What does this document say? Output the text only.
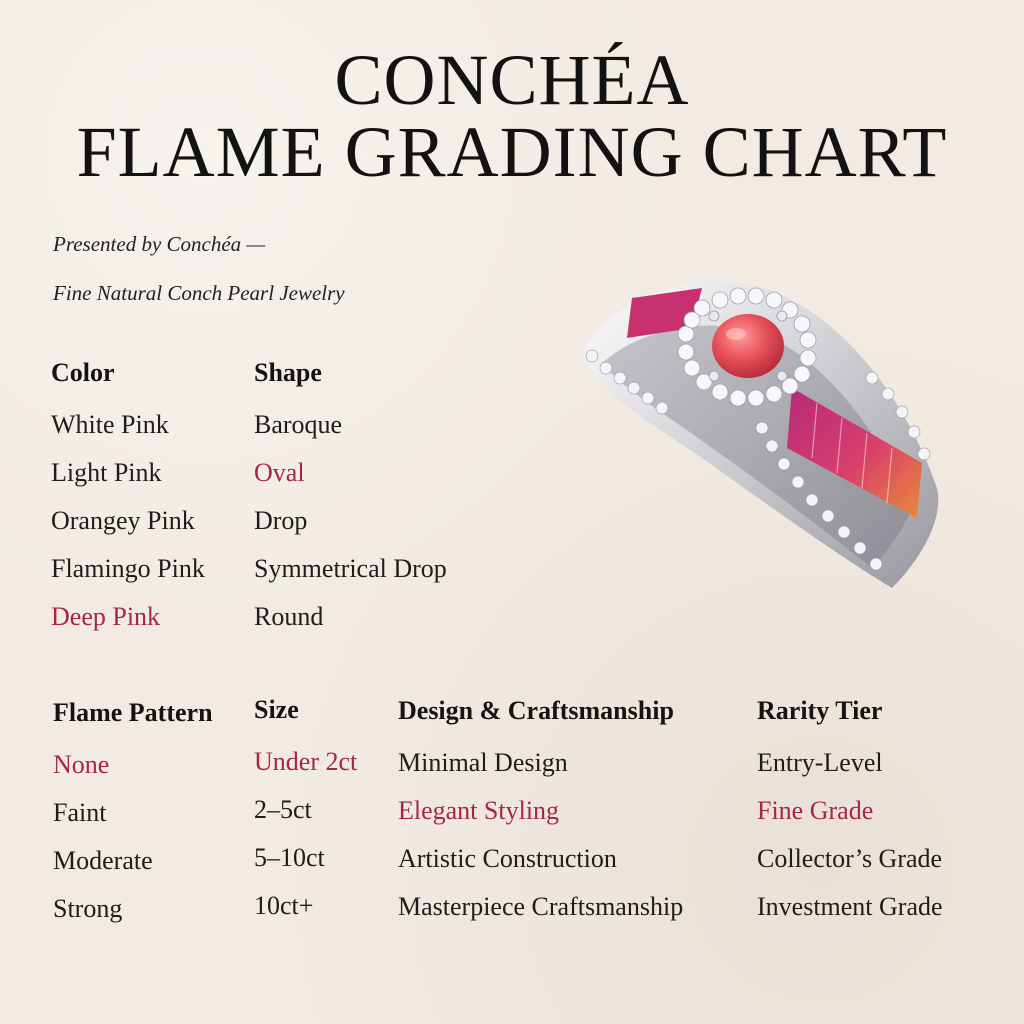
CONCHÉA
FLAME GRADING CHART
Presented by Conchéa —
Fine Natural Conch Pearl Jewelry
Color
White Pink
Light Pink
Orangey Pink
Flamingo Pink
Deep Pink
Shape
Baroque
Oval
Drop
Symmetrical Drop
Round
Flame Pattern
None
Faint
Moderate
Strong
Size
Under 2ct
2–5ct
5–10ct
10ct+
Design & Craftsmanship
Minimal Design
Elegant Styling
Artistic Construction
Masterpiece Craftsmanship
Rarity Tier
Entry-Level
Fine Grade
Collector’s Grade
Investment Grade
